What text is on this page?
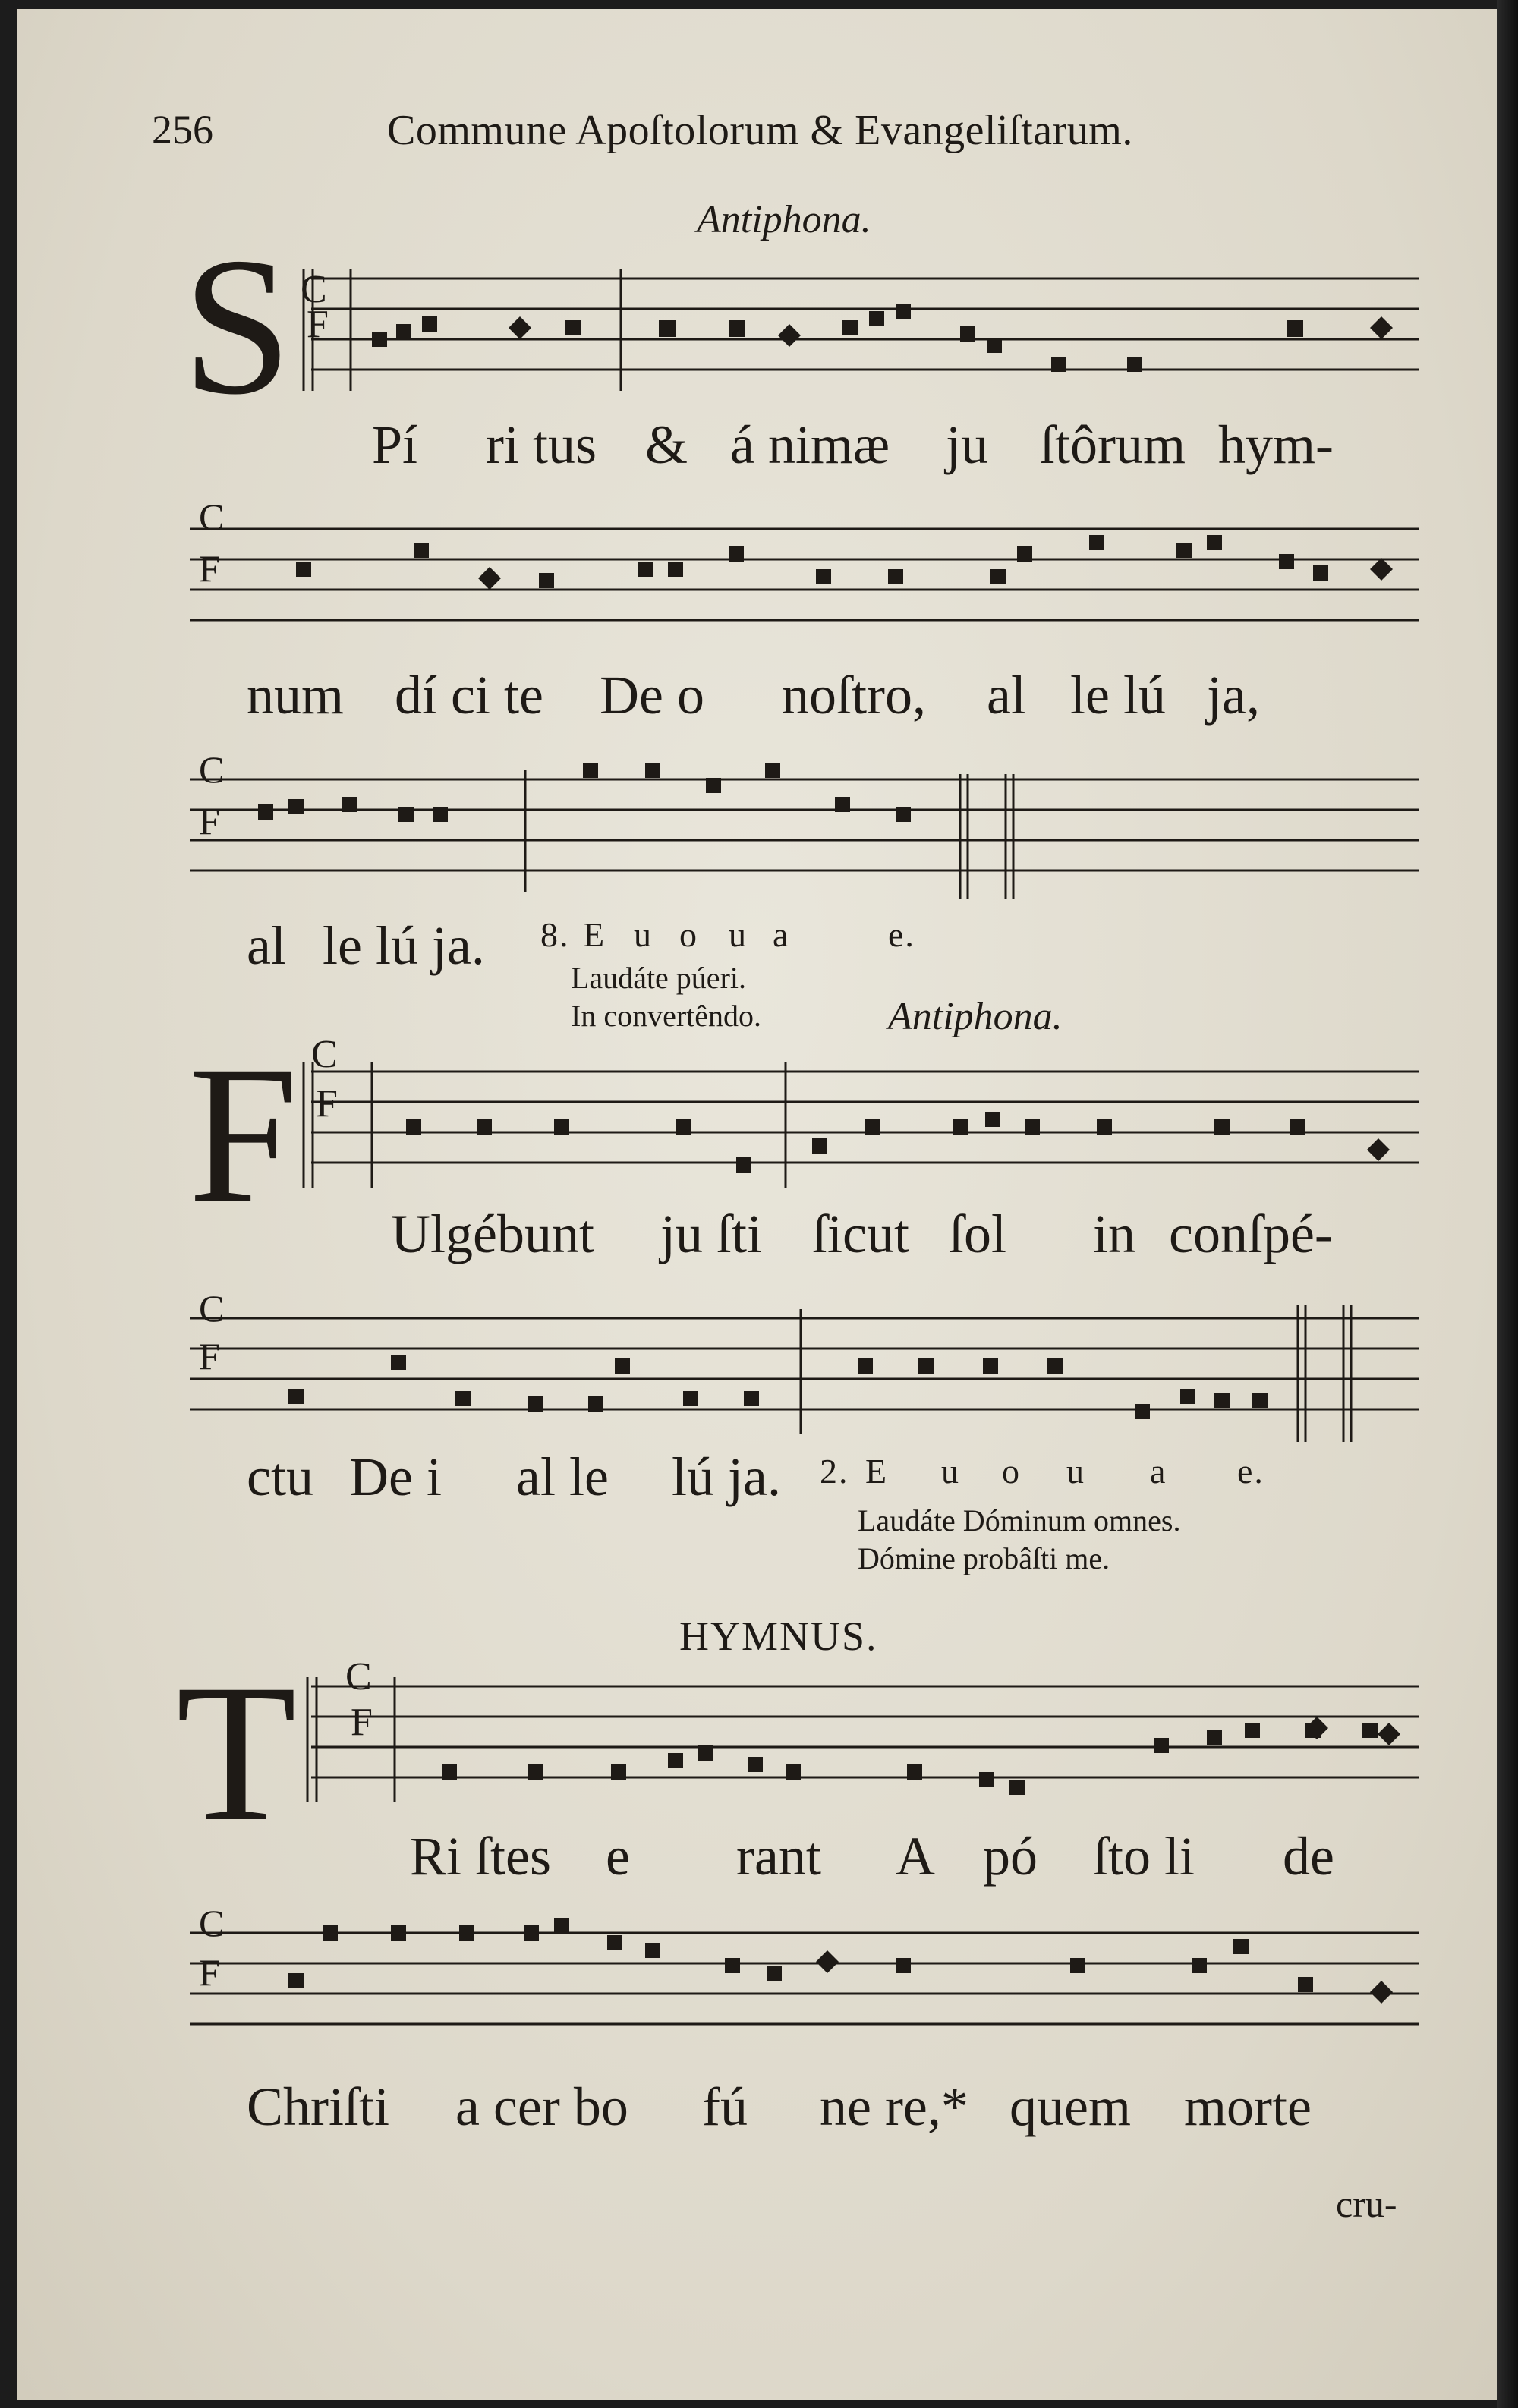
256	Commune Apoſtolorum & Evangeliſtarum.
Antiphona.
S C
F
Pí ri tus & á nimæ ju ſtôrum hym-
C
F
num dí ci te De o noſtro, al le lú ja,
C
F
al le lú ja. 8. E u o u a	e.
Laudáte púeri.
In convertêndo.	Antiphona.
F C
F
Ulgébunt ju ſti ſicut ſol in conſpé-
C
F
ctu De i al le lú ja. 2. E u o u a e.
Laudáte Dóminum omnes.
Dómine probâſti me.
HYMNUS.
T C
F
Ri ſtes e rant A pó ſto li de
C
F
Chriſti a cer bo fú ne re,* quem morte
cru-
